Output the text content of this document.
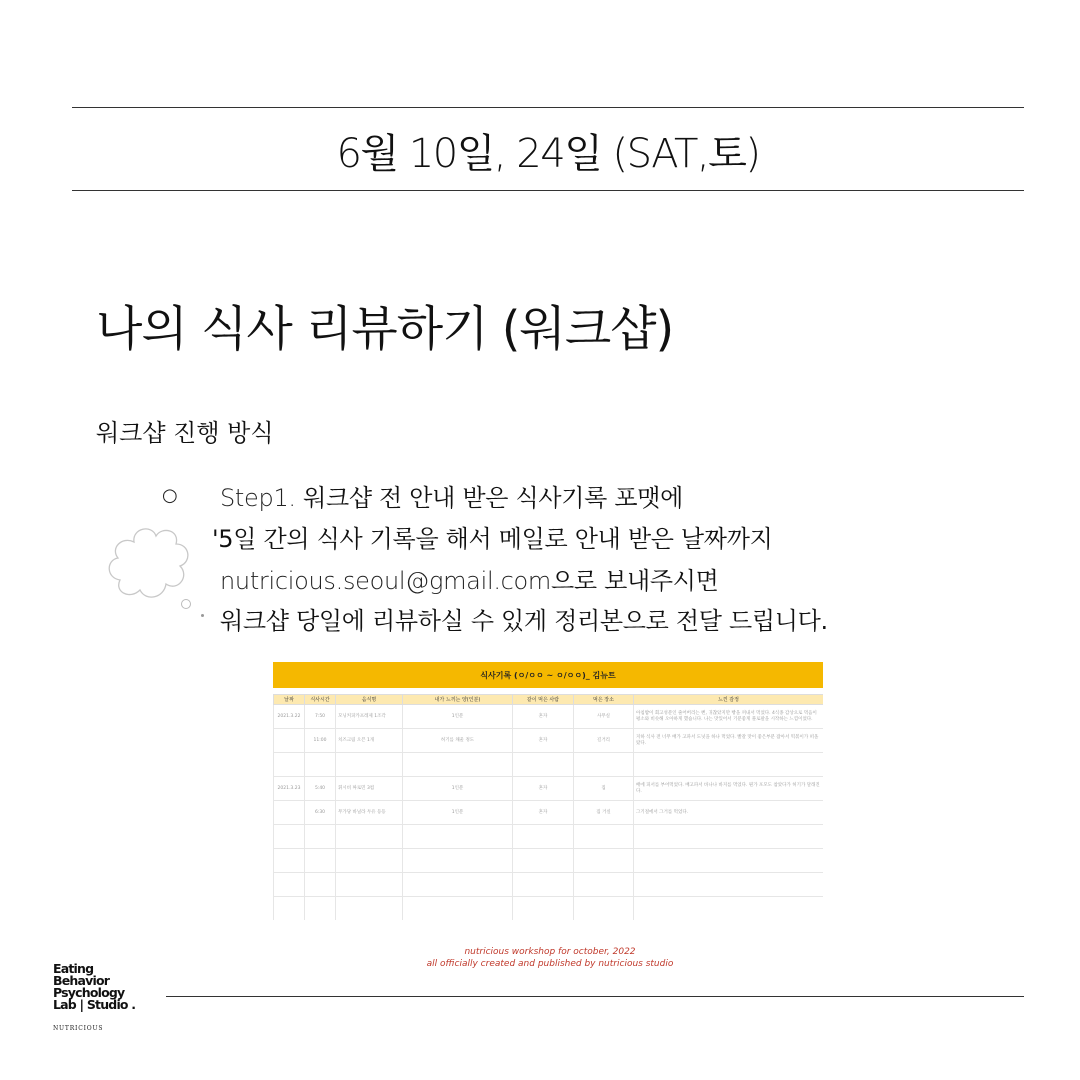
6월 10일, 24일 (SAT,토)
나의 식사 리뷰하기 (워크샵)
워크샵 진행 방식
○ Step1. 워크샵 전 안내 받은 식사기록 포맷에
'5일 간의 식사 기록을 해서 메일로 안내 받은 날짜까지
nutricious.seoul@gmail.com으로 보내주시면
워크샵 당일에 리뷰하실 수 있게 정리본으로 전달 드립니다.
식사기록 (ㅇ/ㅇㅇ ~ ㅇ/ㅇㅇ)_ 김뉴트
날짜	식사시간	음식명	내가 느끼는 양(인분)	같이 먹은 사람	먹은 장소	느낀 감정
2021.3.22	7:50	모닝커피카프레제 1조각	1인분	혼자	사무실	아침밥이 회고성분인 줄어버리는 뻔, 귀찮았지만 빵을 꺼내서 먹었다. 4식종 감상으로 먹음이 평소와 비슷해 오아하게 했습니다. 나는 맛있어서 기분좋게 풀로팔을 시작하는 느낌이었다.
	11:00	치즈크림 오븐 1개	허기를 채울 정도	혼자	길거리	지하 식사 전 너무 배가 고파서 도넛을 하나 먹었다. 빨갈 맛이 좋은부분 잡아서 떡볶이가 떠올랐다.

2021.3.23	5:40	휘시비 짜로민 3컵	1인분	혼자	집	배에 피서를 부어먹었다. 배고파서 바나나 바지를 먹었다. 뭔가 포모도 참았다가 허기가 달래진다.
	6:30	무가당 바닐라 두유 등등	1인분	혼자	집 거실	그기절에서 그거를 먹었다.

nutricious workshop for october, 2022
all officially created and published by nutricious studio
Eating
Behavior
Psychology
Lab | Studio .
NUTRICIOUS
